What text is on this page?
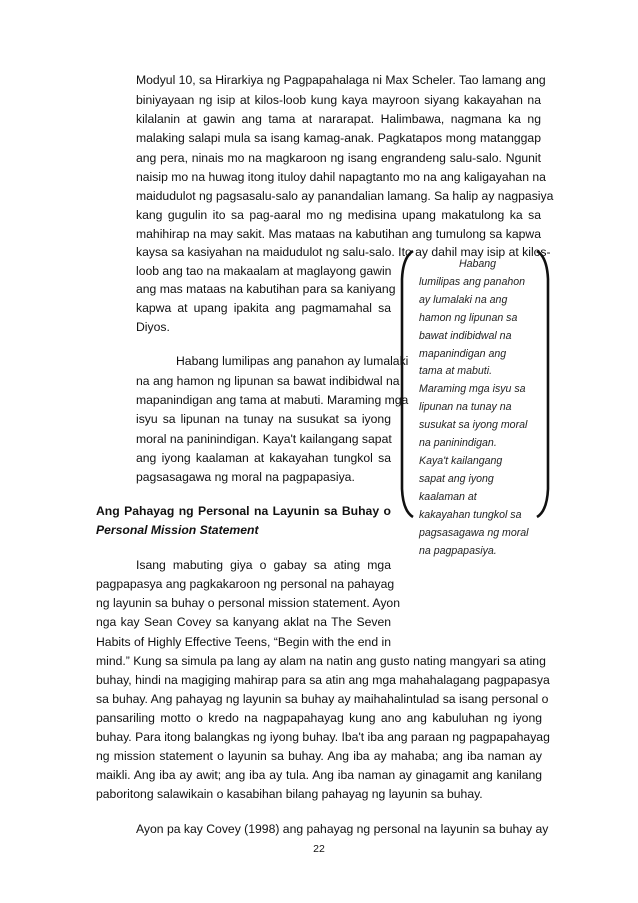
Modyul 10, sa Hirarkiya ng Pagpapahalaga ni Max Scheler. Tao lamang ang
biniyayaan ng isip at kilos-loob kung kaya mayroon siyang kakayahan na
kilalanin at gawin ang tama at nararapat. Halimbawa, nagmana ka ng
malaking salapi mula sa isang kamag-anak. Pagkatapos mong matanggap
ang pera, ninais mo na magkaroon ng isang engrandeng salu-salo. Ngunit
naisip mo na huwag itong ituloy dahil napagtanto mo na ang kaligayahan na
maidudulot ng pagsasalu-salo ay panandalian lamang. Sa halip ay nagpasiya
kang gugulin ito sa pag-aaral mo ng medisina upang makatulong ka sa
mahihirap na may sakit. Mas mataas na kabutihan ang tumulong sa kapwa
kaysa sa kasiyahan na maidudulot ng salu-salo. Ito ay dahil may isip at kilos-
loob ang tao na makaalam at maglayong gawin
ang mas mataas na kabutihan para sa kaniyang
kapwa at upang ipakita ang pagmamahal sa
Diyos.
Habang lumilipas ang panahon ay lumalaki
na ang hamon ng lipunan sa bawat indibidwal na
mapanindigan ang tama at mabuti. Maraming mga
isyu sa lipunan na tunay na susukat sa iyong
moral na paninindigan. Kaya't kailangang sapat
ang iyong kaalaman at kakayahan tungkol sa
pagsasagawa ng moral na pagpapasiya.
Ang Pahayag ng Personal na Layunin sa Buhay o
Personal Mission Statement
Isang mabuting giya o gabay sa ating mga
pagpapasya ang pagkakaroon ng personal na pahayag
ng layunin sa buhay o personal mission statement. Ayon
nga kay Sean Covey sa kanyang aklat na The Seven
Habits of Highly Effective Teens, “Begin with the end in
mind.” Kung sa simula pa lang ay alam na natin ang gusto nating mangyari sa ating
buhay, hindi na magiging mahirap para sa atin ang mga mahahalagang pagpapasya
sa buhay. Ang pahayag ng layunin sa buhay ay maihahalintulad sa isang personal o
pansariling motto o kredo na nagpapahayag kung ano ang kabuluhan ng iyong
buhay. Para itong balangkas ng iyong buhay. Iba't iba ang paraan ng pagpapahayag
ng mission statement o layunin sa buhay. Ang iba ay mahaba; ang iba naman ay
maikli. Ang iba ay awit; ang iba ay tula. Ang iba naman ay ginagamit ang kanilang
paboritong salawikain o kasabihan bilang pahayag ng layunin sa buhay.
Ayon pa kay Covey (1998) ang pahayag ng personal na layunin sa buhay ay
Habang
lumilipas ang panahon
ay lumalaki na ang
hamon ng lipunan sa
bawat indibidwal na
mapanindigan ang
tama at mabuti.
Maraming mga isyu sa
lipunan na tunay na
susukat sa iyong moral
na paninindigan.
Kaya't kailangang
sapat ang iyong
kaalaman at
kakayahan tungkol sa
pagsasagawa ng moral
na pagpapasiya.
22
